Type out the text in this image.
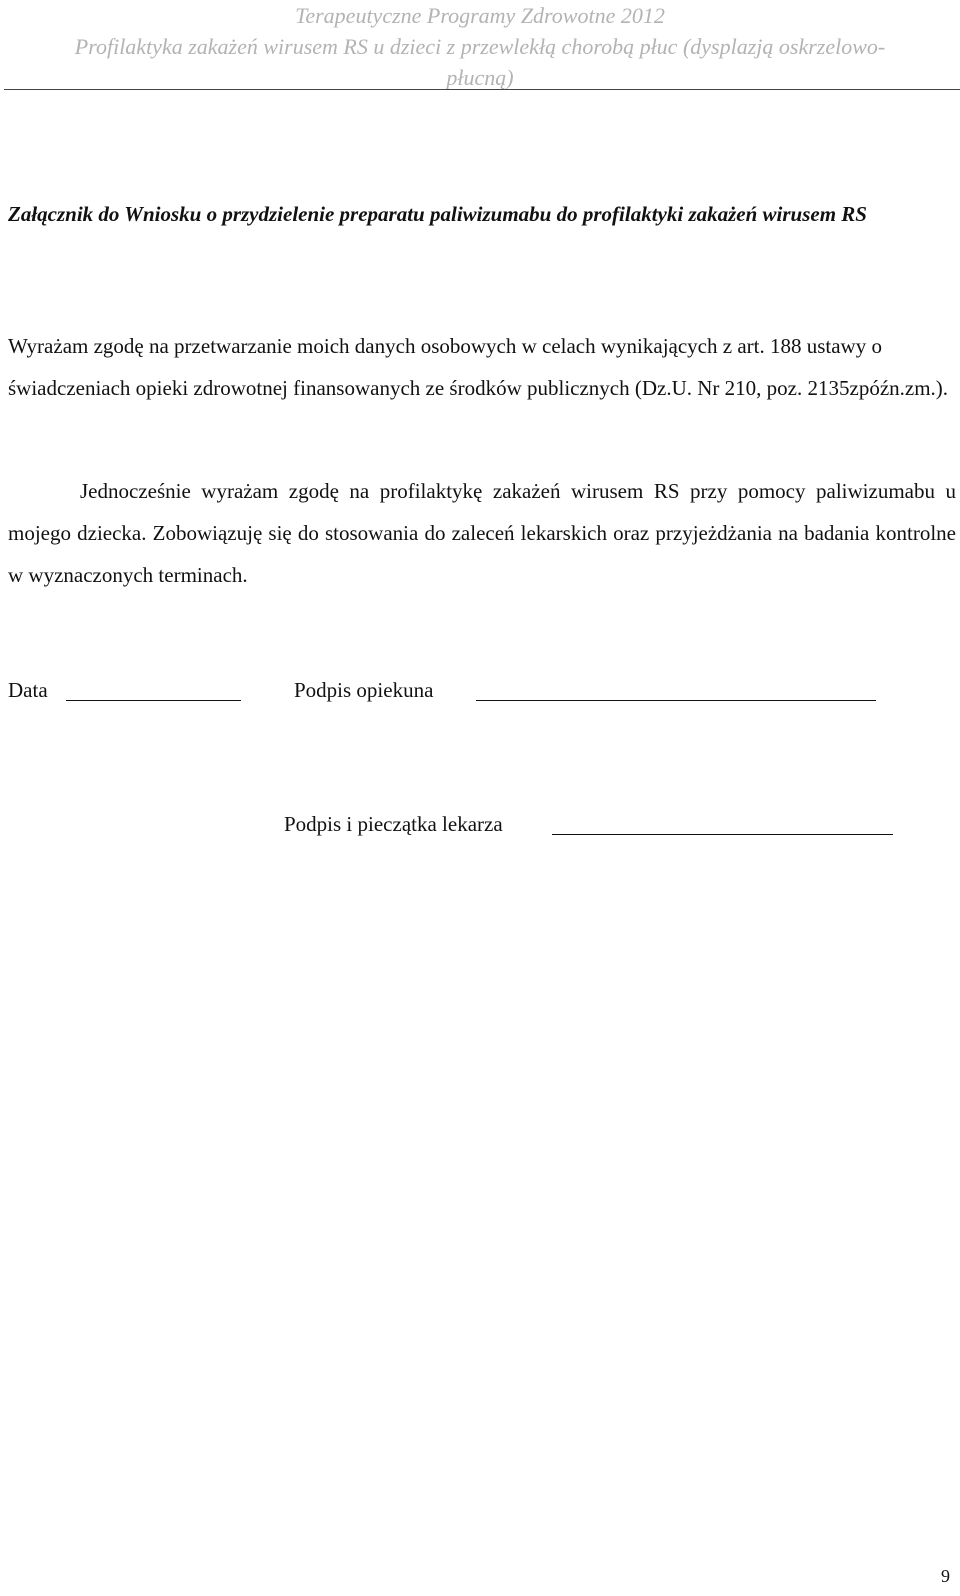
Terapeutyczne Programy Zdrowotne 2012
Profilaktyka zakażeń wirusem RS u dzieci z przewlekłą chorobą płuc (dysplazją oskrzelowo-
płucną)

Załącznik do Wniosku o przydzielenie preparatu paliwizumabu do profilaktyki zakażeń wirusem RS

Wyrażam zgodę na przetwarzanie moich danych osobowych w celach wynikających z art. 188 ustawy o świadczeniach opieki zdrowotnej finansowanych ze środków publicznych (Dz.U. Nr 210, poz. 2135zpóźn.zm.).

Jednocześnie wyrażam zgodę na profilaktykę zakażeń wirusem RS przy pomocy paliwizumabu u mojego dziecka. Zobowiązuję się do stosowania do zaleceń lekarskich oraz przyjeżdżania na badania kontrolne w wyznaczonych terminach.

Data	Podpis opiekuna
Podpis i pieczątka lekarza
9
